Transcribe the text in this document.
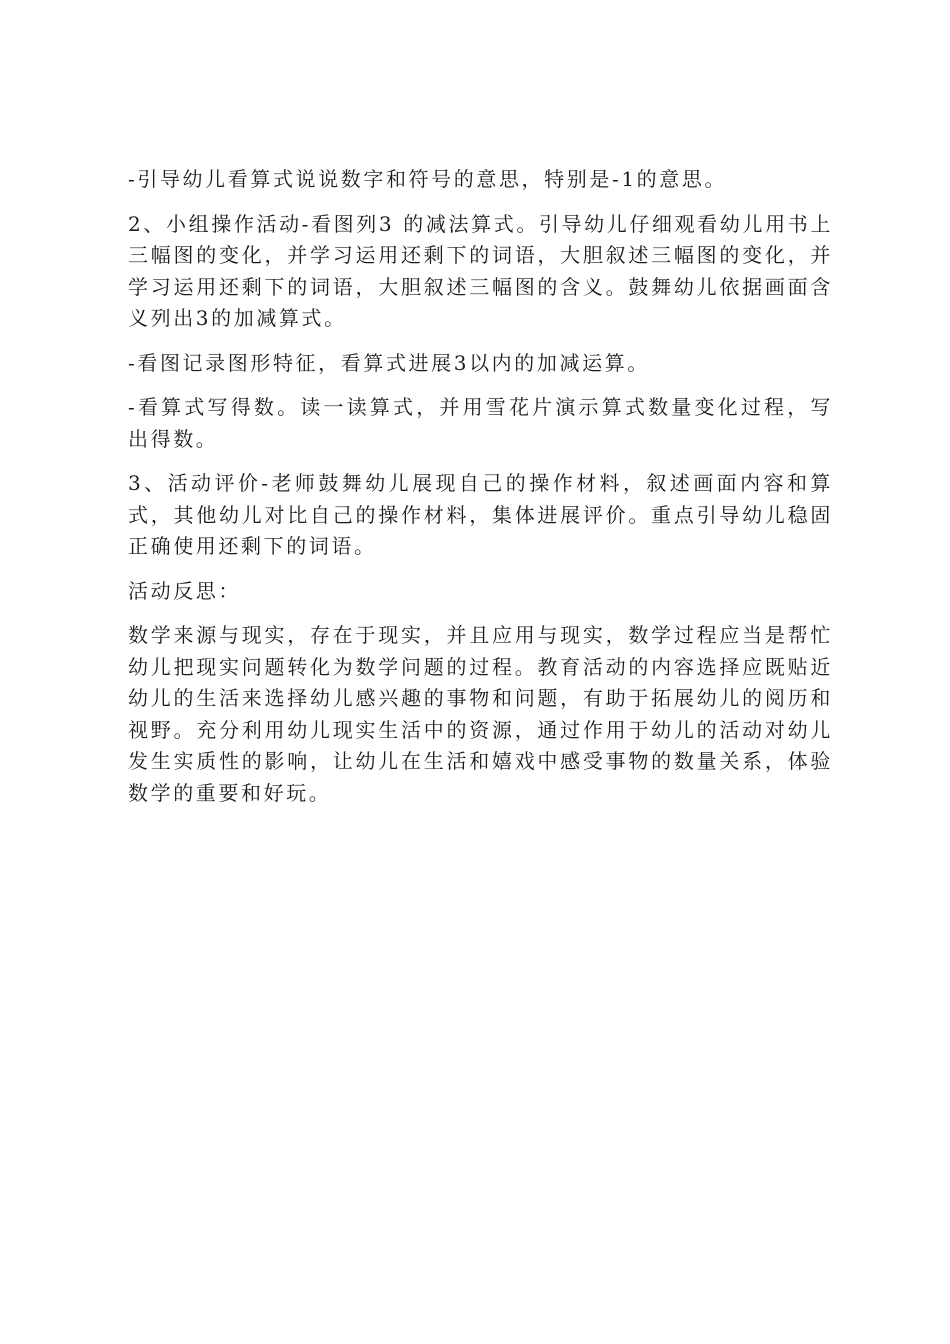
-引导幼儿看算式说说数字和符号的意思，特别是-1的意思。

2、小组操作活动-看图列3 的减法算式。引导幼儿仔细观看幼儿用书上三幅图的变化，并学习运用还剩下的词语，大胆叙述三幅图的变化，并学习运用还剩下的词语，大胆叙述三幅图的含义。鼓舞幼儿依据画面含义列出3的加减算式。

-看图记录图形特征，看算式进展3以内的加减运算。

-看算式写得数。读一读算式，并用雪花片演示算式数量变化过程，写出得数。

3、活动评价-老师鼓舞幼儿展现自己的操作材料，叙述画面内容和算式，其他幼儿对比自己的操作材料，集体进展评价。重点引导幼儿稳固正确使用还剩下的词语。

活动反思：

数学来源与现实，存在于现实，并且应用与现实，数学过程应当是帮忙幼儿把现实问题转化为数学问题的过程。教育活动的内容选择应既贴近幼儿的生活来选择幼儿感兴趣的事物和问题，有助于拓展幼儿的阅历和视野。充分利用幼儿现实生活中的资源，通过作用于幼儿的活动对幼儿发生实质性的影响，让幼儿在生活和嬉戏中感受事物的数量关系，体验数学的重要和好玩。
